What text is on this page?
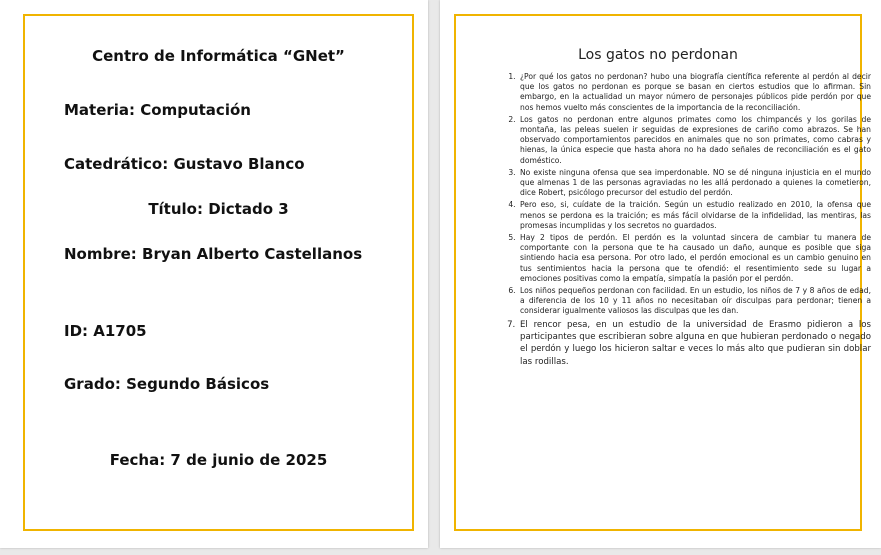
Centro de Informática “GNet”
Materia: Computación
Catedrático: Gustavo Blanco
Título: Dictado 3
Nombre: Bryan Alberto Castellanos
ID: A1705
Grado: Segundo Básicos
Fecha: 7 de junio de 2025
Los gatos no perdonan
1. ¿Por qué los gatos no perdonan? hubo una biografía científica referente al perdón al decir que los gatos no perdonan es porque se basan en ciertos estudios que lo afirman. Sin embargo, en la actualidad un mayor número de personajes públicos pide perdón por que nos hemos vuelto más conscientes de la importancia de la reconciliación.
2. Los gatos no perdonan entre algunos primates como los chimpancés y los gorilas de montaña, las peleas suelen ir seguidas de expresiones de cariño como abrazos. Se han observado comportamientos parecidos en animales que no son primates, como cabras y hienas, la única especie que hasta ahora no ha dado señales de reconciliación es el gato doméstico.
3. No existe ninguna ofensa que sea imperdonable. NO se dé ninguna injusticia en el mundo que almenas 1 de las personas agraviadas no les allá perdonado a quienes la cometieron, dice Robert, psicólogo precursor del estudio del perdón.
4. Pero eso, si, cuídate de la traición. Según un estudio realizado en 2010, la ofensa que menos se perdona es la traición; es más fácil olvidarse de la infidelidad, las mentiras, las promesas incumplidas y los secretos no guardados.
5. Hay 2 tipos de perdón. El perdón es la voluntad sincera de cambiar tu manera de comportante con la persona que te ha causado un daño, aunque es posible que siga sintiendo hacia esa persona. Por otro lado, el perdón emocional es un cambio genuino en tus sentimientos hacia la persona que te ofendió: el resentimiento sede su lugar a emociones positivas como la empatía, simpatía la pasión por el perdón.
6. Los niños pequeños perdonan con facilidad. En un estudio, los niños de 7 y 8 años de edad, a diferencia de los 10 y 11 años no necesitaban oír disculpas para perdonar; tienen a considerar igualmente valiosos las disculpas que les dan.
7. El rencor pesa, en un estudio de la universidad de Erasmo pidieron a los participantes que escribieran sobre alguna en que hubieran perdonado o negado el perdón y luego los hicieron saltar e veces lo más alto que pudieran sin doblar las rodillas.
